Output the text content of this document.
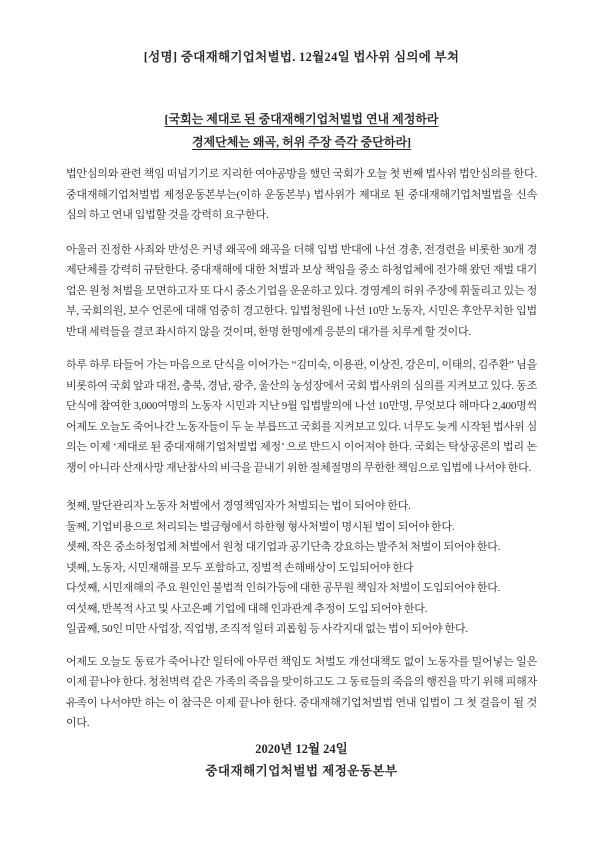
[성명] 중대재해기업처벌법. 12월24일 법사위 심의에 부쳐
[국회는 제대로 된 중대재해기업처벌법 연내 제정하라
경제단체는 왜곡, 허위 주장 즉각 중단하라]

법안심의와 관련 책임 떠넘기기로 지리한 여야공방을 했던 국회가 오늘 첫 번째 법사위 법안심의를 한다. 중대재해기업처벌법 제정운동본부는(이하 운동본부) 법사위가 제대로 된 중대재해기업처벌법을 신속 심의 하고 연내 입법할 것을 강력히 요구한다.

아울러 진정한 사죄와 반성은 커녕 왜곡에 왜곡을 더해 입법 반대에 나선 경총, 전경련을 비롯한 30개 경제단체를 강력히 규탄한다. 중대재해에 대한 처벌과 보상 책임을 중소 하청업체에 전가해 왔던 재벌 대기업은 원청 처벌을 모면하고자 또 다시 중소기업을 운운하고 있다. 경영계의 허위 주장에 휘둘리고 있는 정부, 국회의원, 보수 언론에 대해 엄중히 경고한다. 입법청원에 나선 10만 노동자, 시민은 후안무치한 입법 반대 세력들을 결코 좌시하지 않을 것이며, 한명 한명에게 응분의 대가를 치루게 할 것이다.

하루 하루 타들어 가는 마음으로 단식을 이어가는 “김미숙, 이용관, 이상진, 강은미, 이태의, 김주환” 님을 비롯하여 국회 앞과 대전, 충북, 경남, 광주, 울산의 농성장에서 국회 법사위의 심의를 지켜보고 있다. 동조단식에 참여한 3,000여명의 노동자 시민과 지난 9월 입법발의에 나선 10만명, 무엇보다 해마다 2,400명씩 어제도 오늘도 죽어나간 노동자들이 두 눈 부릅뜨고 국회를 지켜보고 있다. 너무도 늦게 시작된 법사위 심의는 이제 ‘제대로 된 중대재해기업처벌법 제정’ 으로 반드시 이어져야 한다. 국회는 탁상공론의 법리 논쟁이 아니라 산재사망 재난참사의 비극을 끝내기 위한 절체절명의 무한한 책임으로 입법에 나서야 한다.

첫째, 말단관리자 노동자 처벌에서 경영책임자가 처벌되는 법이 되어야 한다.
둘째, 기업비용으로 처리되는 벌금형에서 하한형 형사처벌이 명시된 법이 되어야 한다.
셋째, 작은 중소하청업체 처벌에서 원청 대기업과 공기단축 강요하는 발주처 처벌이 되어야 한다.
넷째, 노동자, 시민재해를 모두 포함하고, 징벌적 손해배상이 도입되어야 한다
다섯째, 시민재해의 주요 원인인 불법적 인허가등에 대한 공무원 책임자 처벌이 도입되어야 한다.
여섯째, 반복적 사고 및 사고은폐 기업에 대해 인과관계 추정이 도입 되어야 한다.
일곱째, 50인 미만 사업장, 직업병, 조직적 일터 괴롭힘 등 사각지대 없는 법이 되어야 한다.

어제도 오늘도 동료가 죽어나간 일터에 아무런 책임도 처벌도 개선대책도 없이 노동자를 밀어넣는 일은 이제 끝나야 한다. 청천벽력 같은 가족의 죽음을 맞이하고도 그 동료들의 죽음의 행진을 막기 위해 피해자 유족이 나서야만 하는 이 참극은 이제 끝나야 한다. 중대재해기업처벌법 연내 입법이 그 첫 걸음이 될 것이다.

2020년 12월 24일
중대재해기업처벌법 제정운동본부
